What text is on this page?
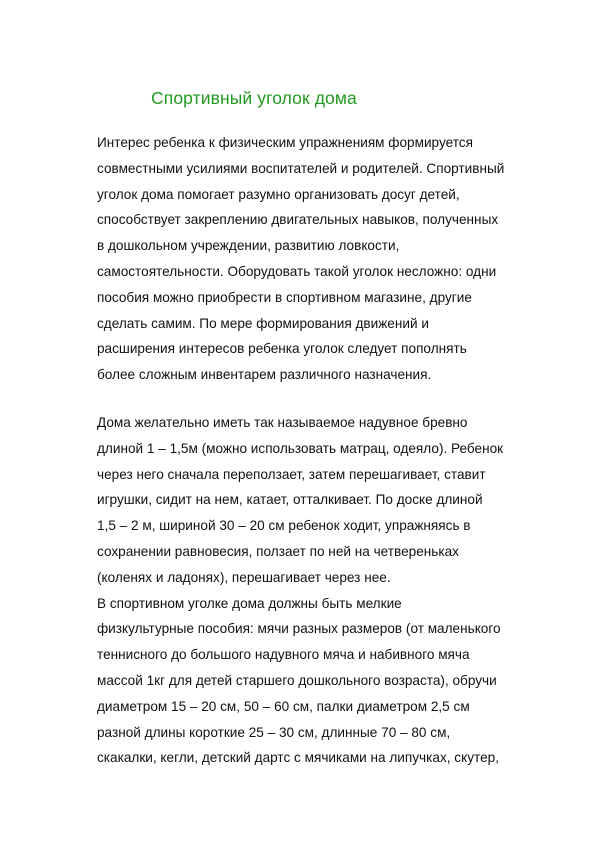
Спортивный уголок дома
Интерес ребенка к физическим упражнениям формируется
совместными усилиями воспитателей и родителей. Спортивный
уголок дома помогает разумно организовать досуг детей,
способствует закреплению двигательных навыков, полученных
в дошкольном учреждении, развитию ловкости,
самостоятельности. Оборудовать такой уголок несложно: одни
пособия можно приобрести в спортивном магазине, другие
сделать самим. По мере формирования движений и
расширения интересов ребенка уголок следует пополнять
более сложным инвентарем различного назначения.
Дома желательно иметь так называемое надувное бревно
длиной 1 – 1,5м (можно использовать матрац, одеяло). Ребенок
через него сначала переползает, затем перешагивает, ставит
игрушки, сидит на нем, катает, отталкивает. По доске длиной
1,5 – 2 м, шириной 30 – 20 см ребенок ходит, упражняясь в
сохранении равновесия, ползает по ней на четвереньках
(коленях и ладонях), перешагивает через нее.
В спортивном уголке дома должны быть мелкие
физкультурные пособия: мячи разных размеров (от маленького
теннисного до большого надувного мяча и набивного мяча
массой 1кг для детей старшего дошкольного возраста), обручи
диаметром 15 – 20 см, 50 – 60 см, палки диаметром 2,5 см
разной длины короткие 25 – 30 см, длинные 70 – 80 см,
скакалки, кегли, детский дартс с мячиками на липучках, скутер,
